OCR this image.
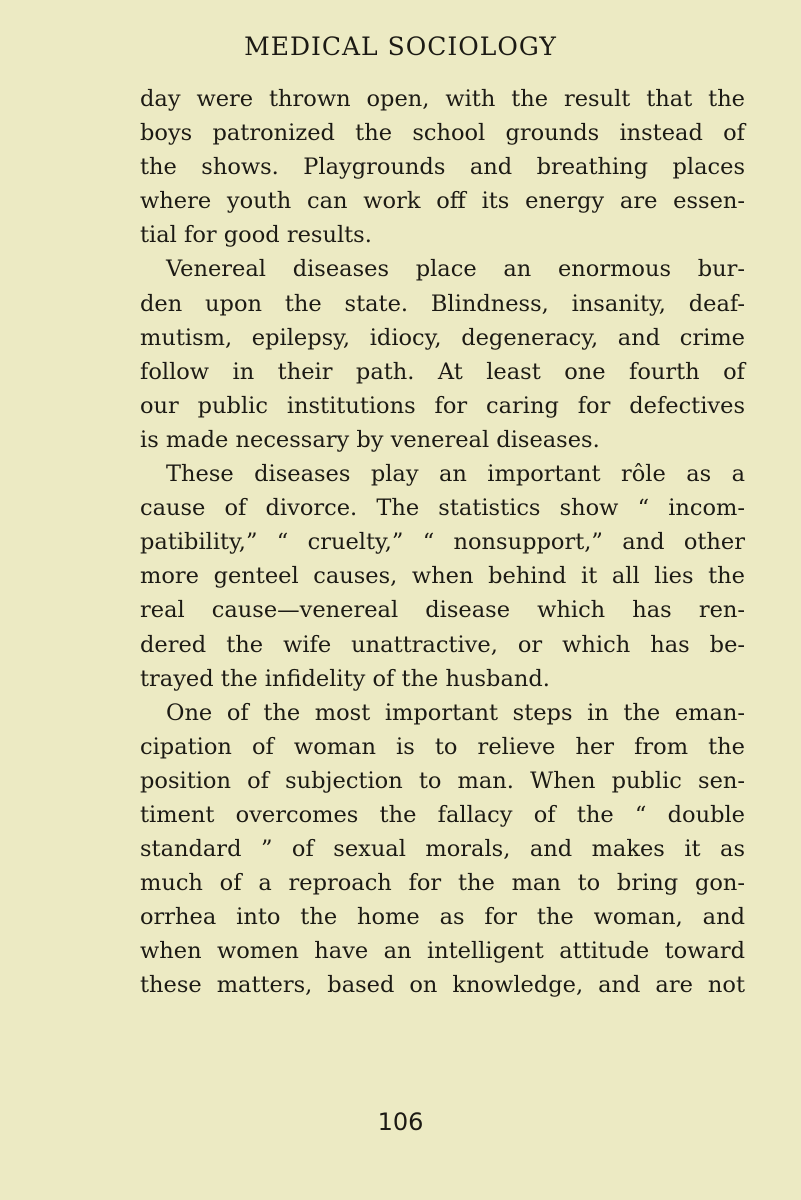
MEDICAL SOCIOLOGY
day were thrown open, with the result that the
boys patronized the school grounds instead of
the shows. Playgrounds and breathing places
where youth can work off its energy are essen-
tial for good results.
Venereal diseases place an enormous bur-
den upon the state. Blindness, insanity, deaf-
mutism, epilepsy, idiocy, degeneracy, and crime
follow in their path. At least one fourth of
our public institutions for caring for defectives
is made necessary by venereal diseases.
These diseases play an important rôle as a
cause of divorce. The statistics show “ incom-
patibility,” “ cruelty,” “ nonsupport,” and other
more genteel causes, when behind it all lies the
real cause—venereal disease which has ren-
dered the wife unattractive, or which has be-
trayed the infidelity of the husband.
One of the most important steps in the eman-
cipation of woman is to relieve her from the
position of subjection to man. When public sen-
timent overcomes the fallacy of the “ double
standard ” of sexual morals, and makes it as
much of a reproach for the man to bring gon-
orrhea into the home as for the woman, and
when women have an intelligent attitude toward
these matters, based on knowledge, and are not
106
